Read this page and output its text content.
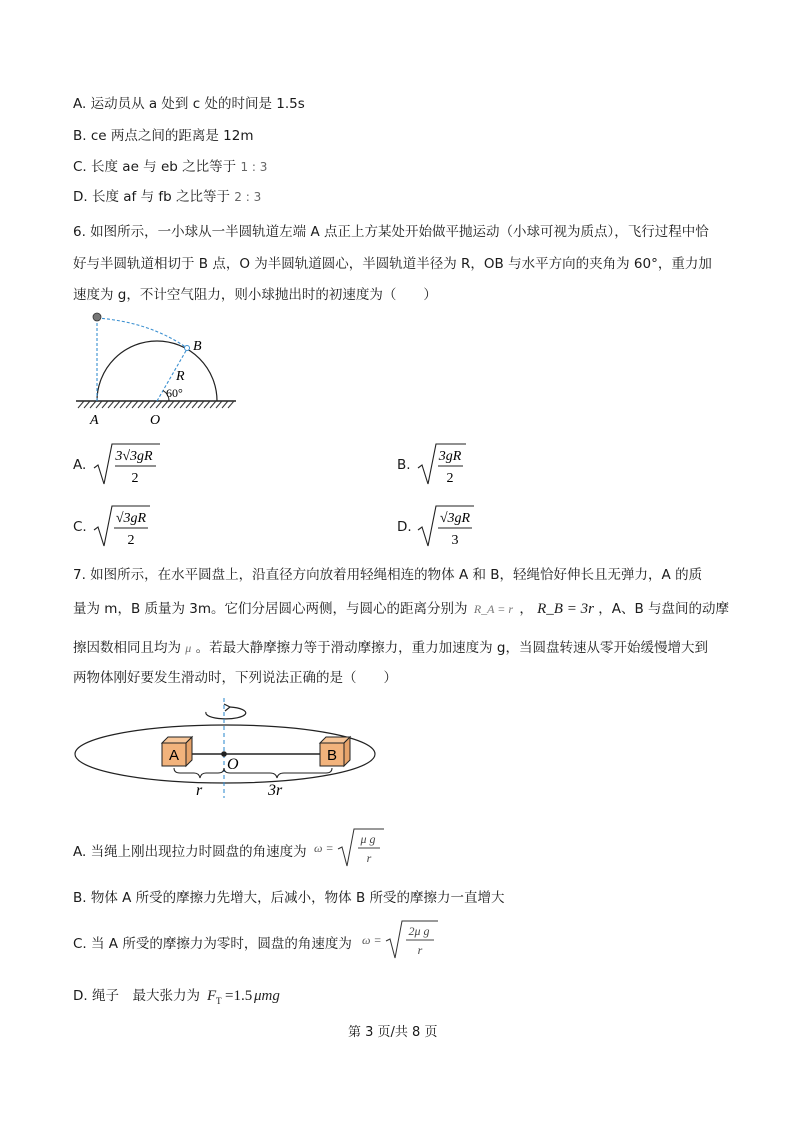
A. 运动员从 a 处到 c 处的时间是 1.5s
B. ce 两点之间的距离是 12m
C. 长度 ae 与 eb 之比等于 1 : 3
D. 长度 af 与 fb 之比等于 2 : 3
6. 如图所示，一小球从一半圆轨道左端 A 点正上方某处开始做平抛运动（小球可视为质点），飞行过程中恰
好与半圆轨道相切于 B 点，O 为半圆轨道圆心，半圆轨道半径为 R，OB 与水平方向的夹角为 60°，重力加
速度为 g，不计空气阻力，则小球抛出时的初速度为（　　）
B
R
60°
A	O
A.
3√3gR
2
B.
3gR
2
C.
√3gR
2
D.
√3gR
3
7. 如图所示，在水平圆盘上，沿直径方向放着用轻绳相连的物体 A 和 B，轻绳恰好伸长且无弹力，A 的质
量为 m，B 质量为 3m。它们分居圆心两侧，与圆心的距离分别为 R_A = r ， R_B = 3r ，A、B 与盘间的动摩
擦因数相同且均为 μ 。若最大静摩擦力等于滑动摩擦力，重力加速度为 g，当圆盘转速从零开始缓慢增大到
两物体刚好要发生滑动时，下列说法正确的是（　　）
A	B
O
r	3r
A. 当绳上刚出现拉力时圆盘的角速度为 ω =
μ g
r
B. 物体 A 所受的摩擦力先增大，后减小，物体 B 所受的摩擦力一直增大
C. 当 A 所受的摩擦力为零时，圆盘的角速度为 ω =
2μ g
r
D. 绳子　最大张力为 F T =1.5 μmg
第 3 页/共 8 页
